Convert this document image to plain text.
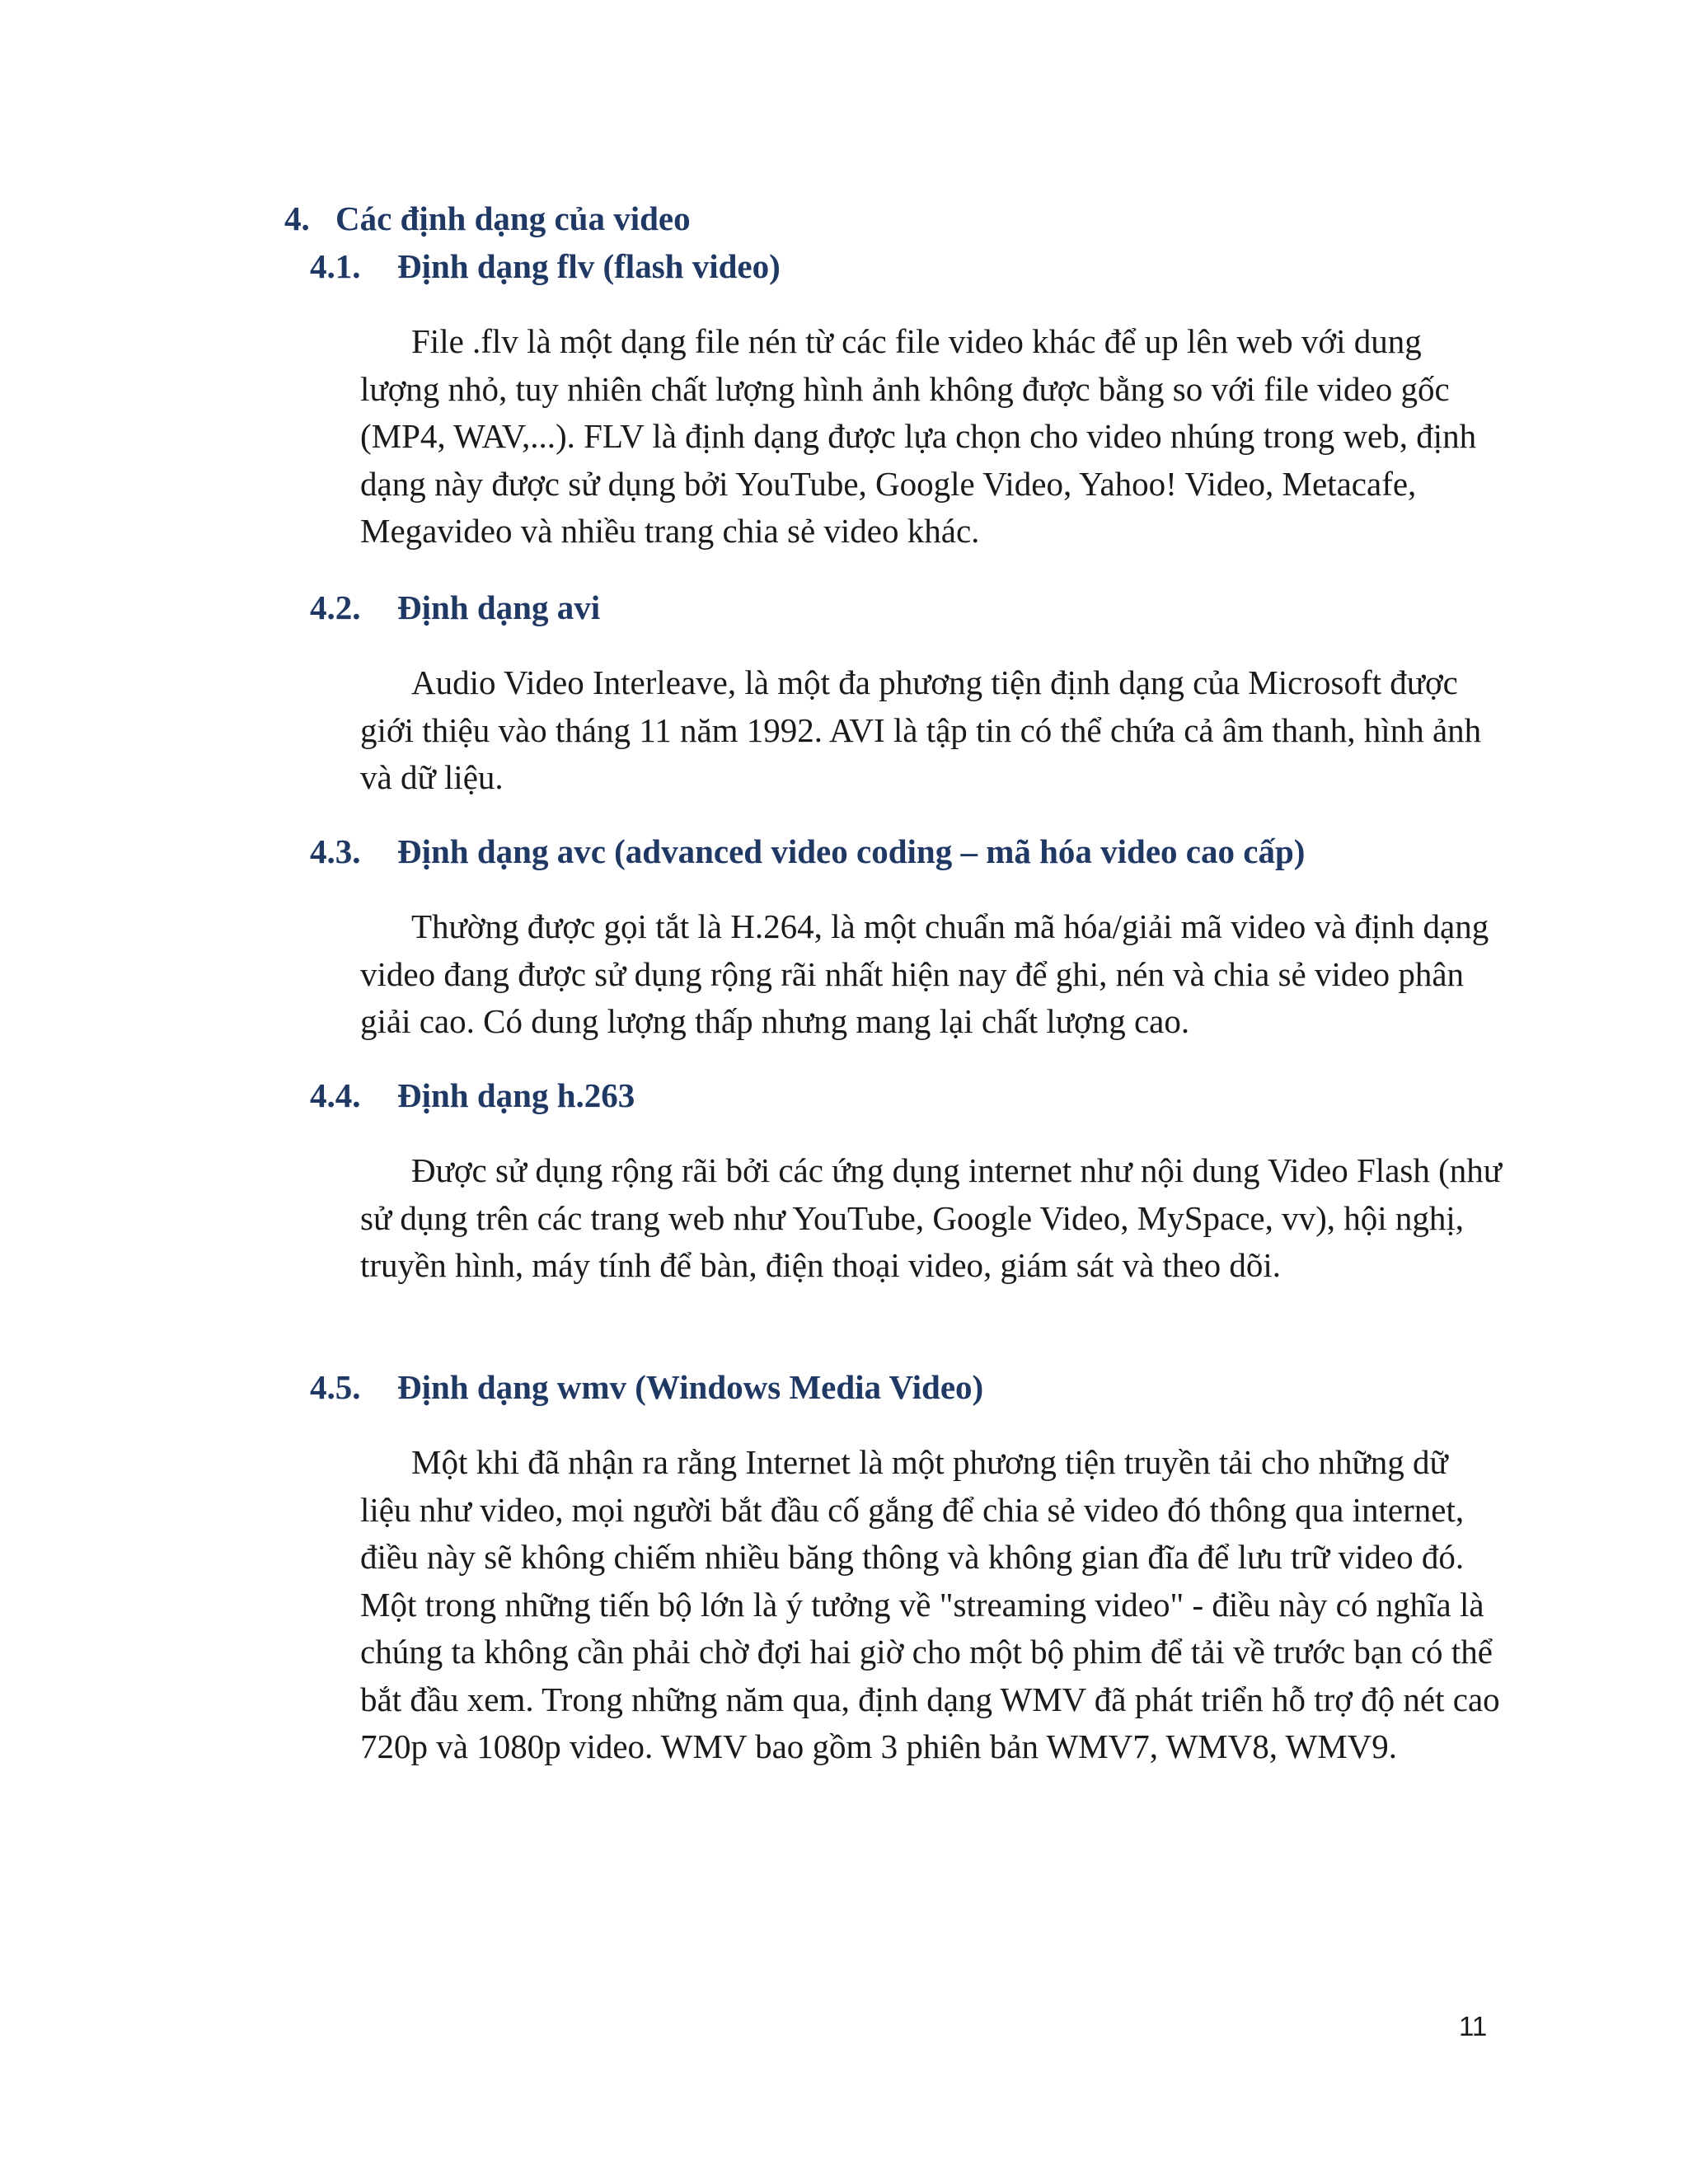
4. Các định dạng của video
4.1. Định dạng flv (flash video)

File .flv là một dạng file nén từ các file video khác để up lên web với dung lượng nhỏ, tuy nhiên chất lượng hình ảnh không được bằng so với file video gốc (MP4, WAV,...). FLV là định dạng được lựa chọn cho video nhúng trong web, định dạng này được sử dụng bởi YouTube, Google Video, Yahoo! Video, Metacafe, Megavideo và nhiều trang chia sẻ video khác.

4.2. Định dạng avi

Audio Video Interleave, là một đa phương tiện định dạng của Microsoft được giới thiệu vào tháng 11 năm 1992. AVI là tập tin có thể chứa cả âm thanh, hình ảnh và dữ liệu.

4.3. Định dạng avc (advanced video coding – mã hóa video cao cấp)

Thường được gọi tắt là H.264, là một chuẩn mã hóa/giải mã video và định dạng video đang được sử dụng rộng rãi nhất hiện nay để ghi, nén và chia sẻ video phân giải cao. Có dung lượng thấp nhưng mang lại chất lượng cao.

4.4. Định dạng h.263

Được sử dụng rộng rãi bởi các ứng dụng internet như nội dung Video Flash (như sử dụng trên các trang web như YouTube, Google Video, MySpace, vv), hội nghị, truyền hình, máy tính để bàn, điện thoại video, giám sát và theo dõi.

4.5. Định dạng wmv (Windows Media Video)

Một khi đã nhận ra rằng Internet là một phương tiện truyền tải cho những dữ liệu như video, mọi người bắt đầu cố gắng để chia sẻ video đó thông qua internet, điều này sẽ không chiếm nhiều băng thông và không gian đĩa để lưu trữ video đó. Một trong những tiến bộ lớn là ý tưởng về "streaming video" - điều này có nghĩa là chúng ta không cần phải chờ đợi hai giờ cho một bộ phim để tải về trước bạn có thể bắt đầu xem. Trong những năm qua, định dạng WMV đã phát triển hỗ trợ độ nét cao 720p và 1080p video. WMV bao gồm 3 phiên bản WMV7, WMV8, WMV9.

11
